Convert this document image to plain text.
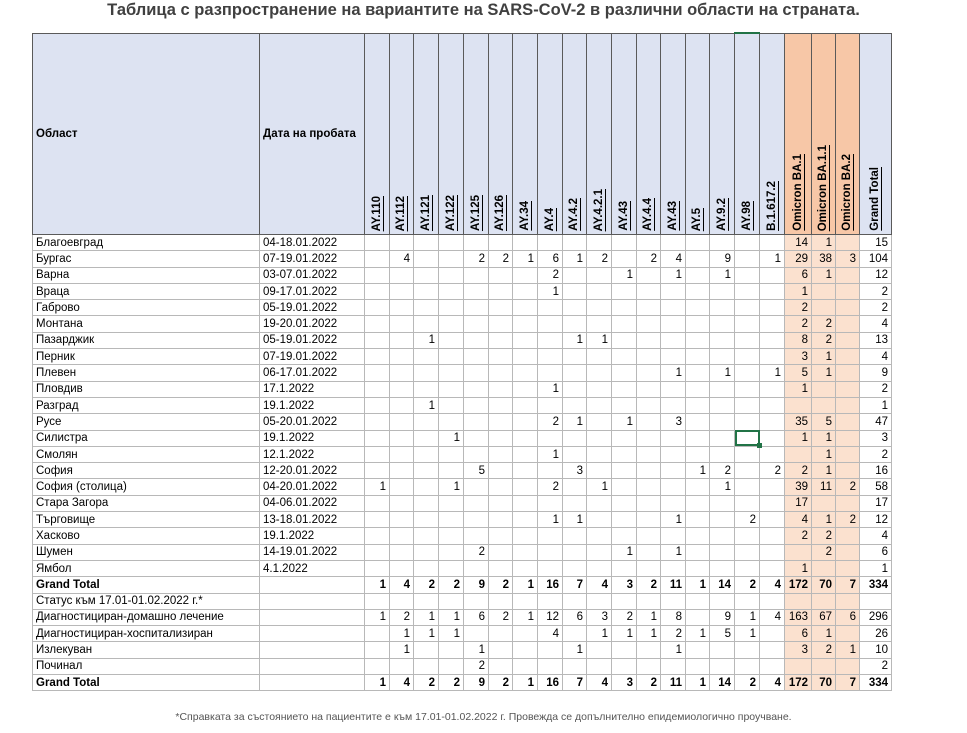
Таблица с разпространение на вариантите на SARS-CoV-2 в различни области на страната.
Област	Дата на пробата	AY.110	AY.112	AY.121	AY.122	AY.125	AY.126	AY.34	AY.4	AY.4.2	AY.4.2.1	AY.43	AY.4.4	AY.43	AY.5	AY.9.2	AY.98	B.1.617.2	Omicron BA.1	Omicron BA.1.1	Omicron BA.2	Grand Total

Благоевград	04-18.01.2022																		14	1		15
Бургас	07-19.01.2022		4			2	2	1	6	1	2		2	4		9		1	29	38	3	104
Варна	03-07.01.2022								2			1		1		1			6	1		12
Враца	09-17.01.2022								1										1			2
Габрово	05-19.01.2022																		2			2
Монтана	19-20.01.2022																		2	2		4
Пазарджик	05-19.01.2022			1						1	1								8	2		13
Перник	07-19.01.2022																		3	1		4
Плевен	06-17.01.2022													1		1		1	5	1		9
Пловдив	17.1.2022								1										1			2
Разград	19.1.2022			1																		1
Русе	05-20.01.2022								2	1		1		3					35	5		47
Силистра	19.1.2022				1														1	1		3
Смолян	12.1.2022								1											1		2
София	12-20.01.2022					5				3					1	2		2	2	1		16
София (столица)	04-20.01.2022	1			1				2		1					1			39	11	2	58
Стара Загора	04-06.01.2022																		17			17
Търговище	13-18.01.2022								1	1				1			2		4	1	2	12
Хасково	19.1.2022																		2	2		4
Шумен	14-19.01.2022					2						1		1						2		6
Ямбол	4.1.2022																		1			1
Grand Total		1	4	2	2	9	2	1	16	7	4	3	2	11	1	14	2	4	172	70	7	334
Статус към 17.01-01.02.2022 г.*																						
Диагностициран-домашно лечение		1	2	1	1	6	2	1	12	6	3	2	1	8		9	1	4	163	67	6	296
Диагностициран-хоспитализиран			1	1	1				4		1	1	1	2	1	5	1		6	1		26
Излекуван			1			1				1				1					3	2	1	10
Починал						2																2
Grand Total		1	4	2	2	9	2	1	16	7	4	3	2	11	1	14	2	4	172	70	7	334
*Справката за състоянието на пациентите е към 17.01-01.02.2022 г. Провежда се допълнително епидемиологично проучване.
